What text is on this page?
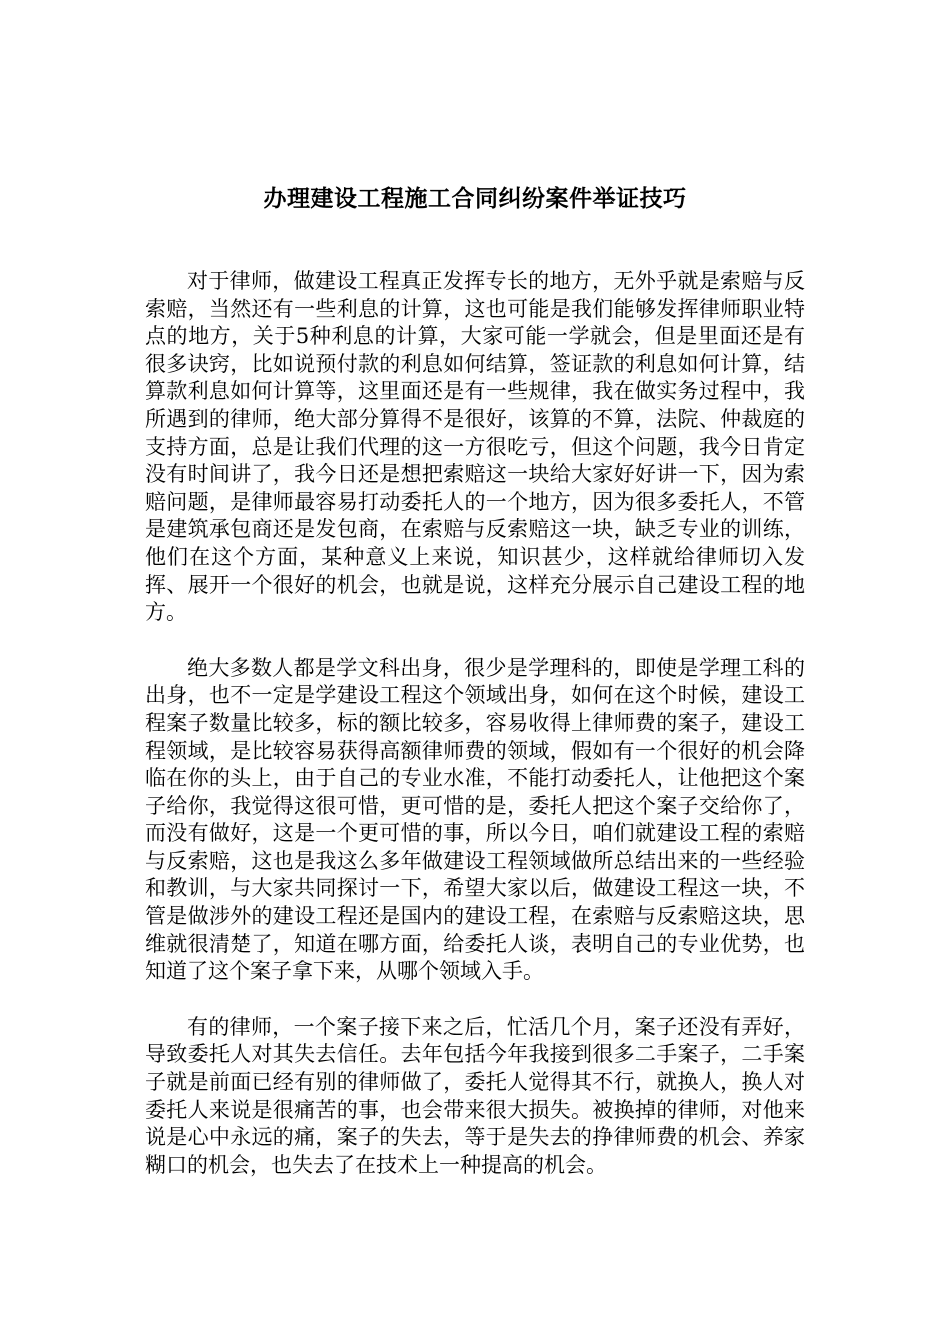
办理建设工程施工合同纠纷案件举证技巧

对于律师，做建设工程真正发挥专长的地方，无外乎就是索赔与反索赔，当然还有一些利息的计算，这也可能是我们能够发挥律师职业特点的地方，关于5种利息的计算，大家可能一学就会，但是里面还是有很多诀窍，比如说预付款的利息如何结算，签证款的利息如何计算，结算款利息如何计算等，这里面还是有一些规律，我在做实务过程中，我所遇到的律师，绝大部分算得不是很好，该算的不算，法院、仲裁庭的支持方面，总是让我们代理的这一方很吃亏，但这个问题，我今日肯定没有时间讲了，我今日还是想把索赔这一块给大家好好讲一下，因为索赔问题，是律师最容易打动委托人的一个地方，因为很多委托人，不管是建筑承包商还是发包商，在索赔与反索赔这一块，缺乏专业的训练，他们在这个方面，某种意义上来说，知识甚少，这样就给律师切入发挥、展开一个很好的机会，也就是说，这样充分展示自己建设工程的地方。

绝大多数人都是学文科出身，很少是学理科的，即使是学理工科的出身，也不一定是学建设工程这个领域出身，如何在这个时候，建设工程案子数量比较多，标的额比较多，容易收得上律师费的案子，建设工程领域，是比较容易获得高额律师费的领域，假如有一个很好的机会降临在你的头上，由于自己的专业水准，不能打动委托人，让他把这个案子给你，我觉得这很可惜，更可惜的是，委托人把这个案子交给你了，而没有做好，这是一个更可惜的事，所以今日，咱们就建设工程的索赔与反索赔，这也是我这么多年做建设工程领域做所总结出来的一些经验和教训，与大家共同探讨一下，希望大家以后，做建设工程这一块，不管是做涉外的建设工程还是国内的建设工程，在索赔与反索赔这块，思维就很清楚了，知道在哪方面，给委托人谈，表明自己的专业优势，也知道了这个案子拿下来，从哪个领域入手。

有的律师，一个案子接下来之后，忙活几个月，案子还没有弄好，导致委托人对其失去信任。去年包括今年我接到很多二手案子，二手案子就是前面已经有别的律师做了，委托人觉得其不行，就换人，换人对委托人来说是很痛苦的事，也会带来很大损失。被换掉的律师，对他来说是心中永远的痛，案子的失去，等于是失去的挣律师费的机会、养家糊口的机会，也失去了在技术上一种提高的机会。
